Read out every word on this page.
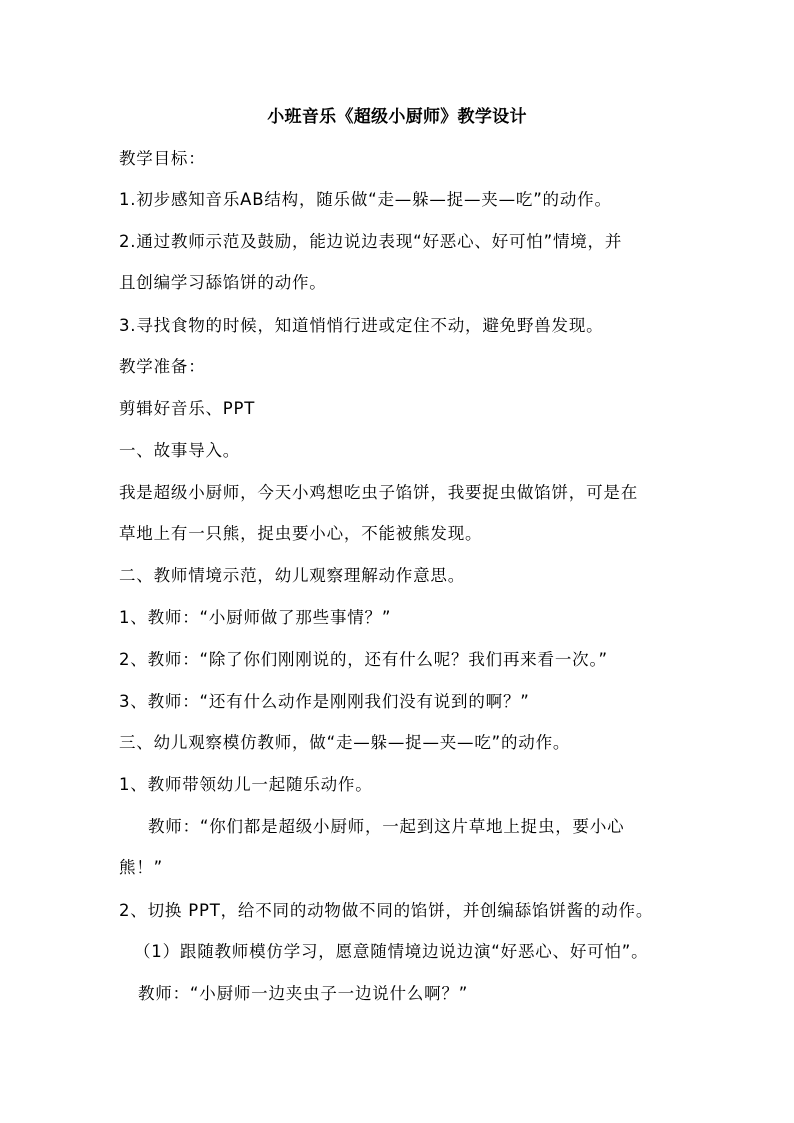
小班音乐《超级小厨师》教学设计
教学目标：
1.初步感知音乐AB结构，随乐做“走—躲—捉—夹—吃”的动作。
2.通过教师示范及鼓励，能边说边表现“好恶心、好可怕”情境，并
且创编学习舔馅饼的动作。
3.寻找食物的时候，知道悄悄行进或定住不动，避免野兽发现。
教学准备：
剪辑好音乐、PPT
一、故事导入。
我是超级小厨师，今天小鸡想吃虫子馅饼，我要捉虫做馅饼，可是在
草地上有一只熊，捉虫要小心，不能被熊发现。
二、教师情境示范，幼儿观察理解动作意思。
1、教师：“小厨师做了那些事情？”
2、教师：“除了你们刚刚说的，还有什么呢？我们再来看一次。”
3、教师：“还有什么动作是刚刚我们没有说到的啊？”
三、幼儿观察模仿教师，做“走—躲—捉—夹—吃”的动作。
1、教师带领幼儿一起随乐动作。
教师：“你们都是超级小厨师，一起到这片草地上捉虫，要小心
熊！”
2、切换 PPT，给不同的动物做不同的馅饼，并创编舔馅饼酱的动作。
（1）跟随教师模仿学习，愿意随情境边说边演“好恶心、好可怕”。
教师：“小厨师一边夹虫子一边说什么啊？”
